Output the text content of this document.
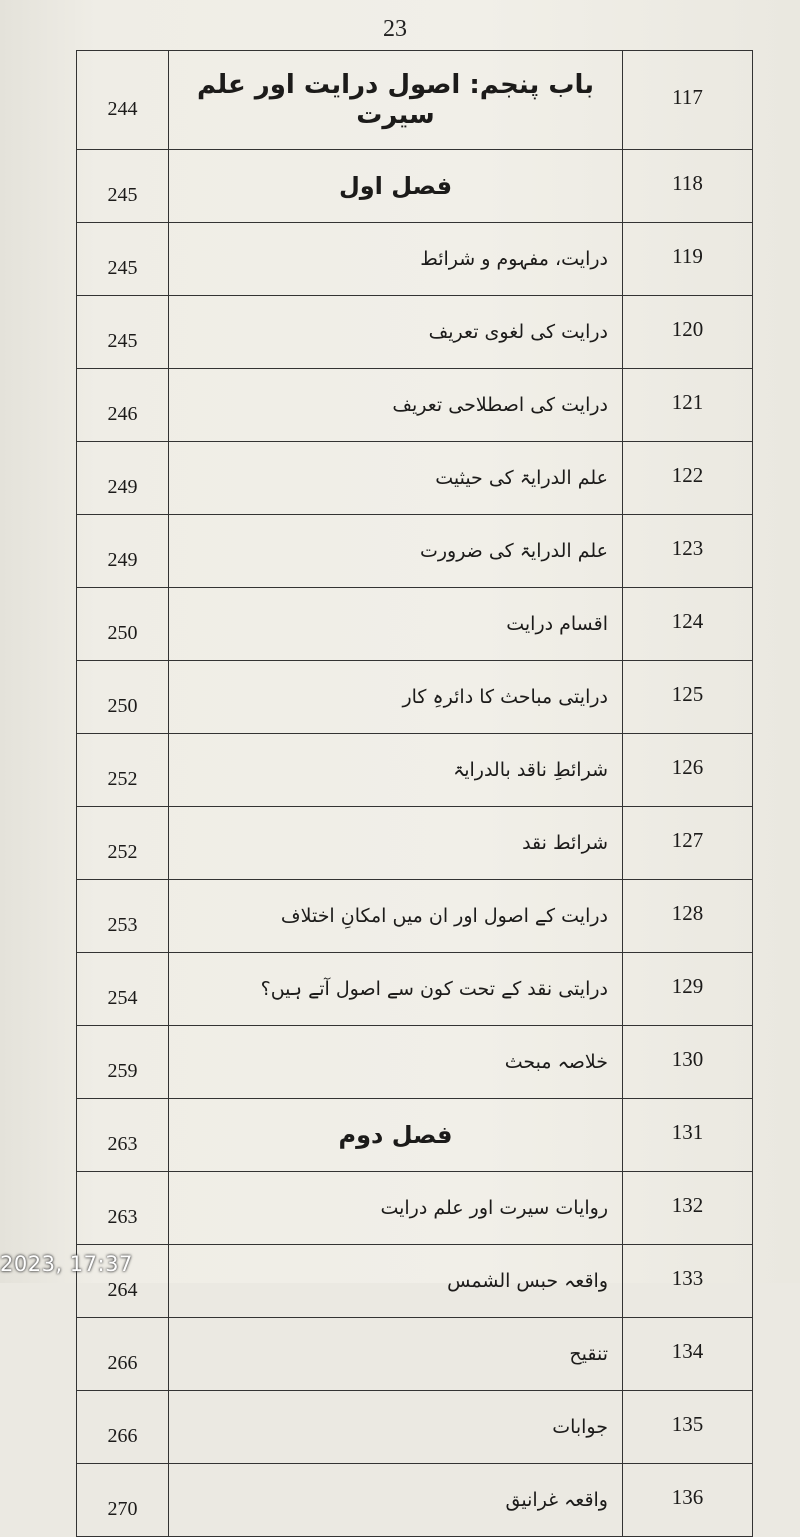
23
244	باب پنجم: اصول درایت اور علم سیرت	117
245	فصل اول	118
245	درایت، مفہوم و شرائط	119
245	درایت کی لغوی تعریف	120
246	درایت کی اصطلاحی تعریف	121
249	علم الدرایۃ کی حیثیت	122
249	علم الدرایۃ کی ضرورت	123
250	اقسام درایت	124
250	درایتی مباحث کا دائرہِ کار	125
252	شرائطِ ناقد بالدرایۃ	126
252	شرائط نقد	127
253	درایت کے اصول اور ان میں امکانِ اختلاف	128
254	درایتی نقد کے تحت کون سے اصول آتے ہیں؟	129
259	خلاصہ مبحث	130
263	فصل دوم	131
263	روایات سیرت اور علم درایت	132
264	واقعہ حبس الشمس	133
266	تنقیح	134
266	جوابات	135
270	واقعہ غرانیق	136
2023, 17:37
